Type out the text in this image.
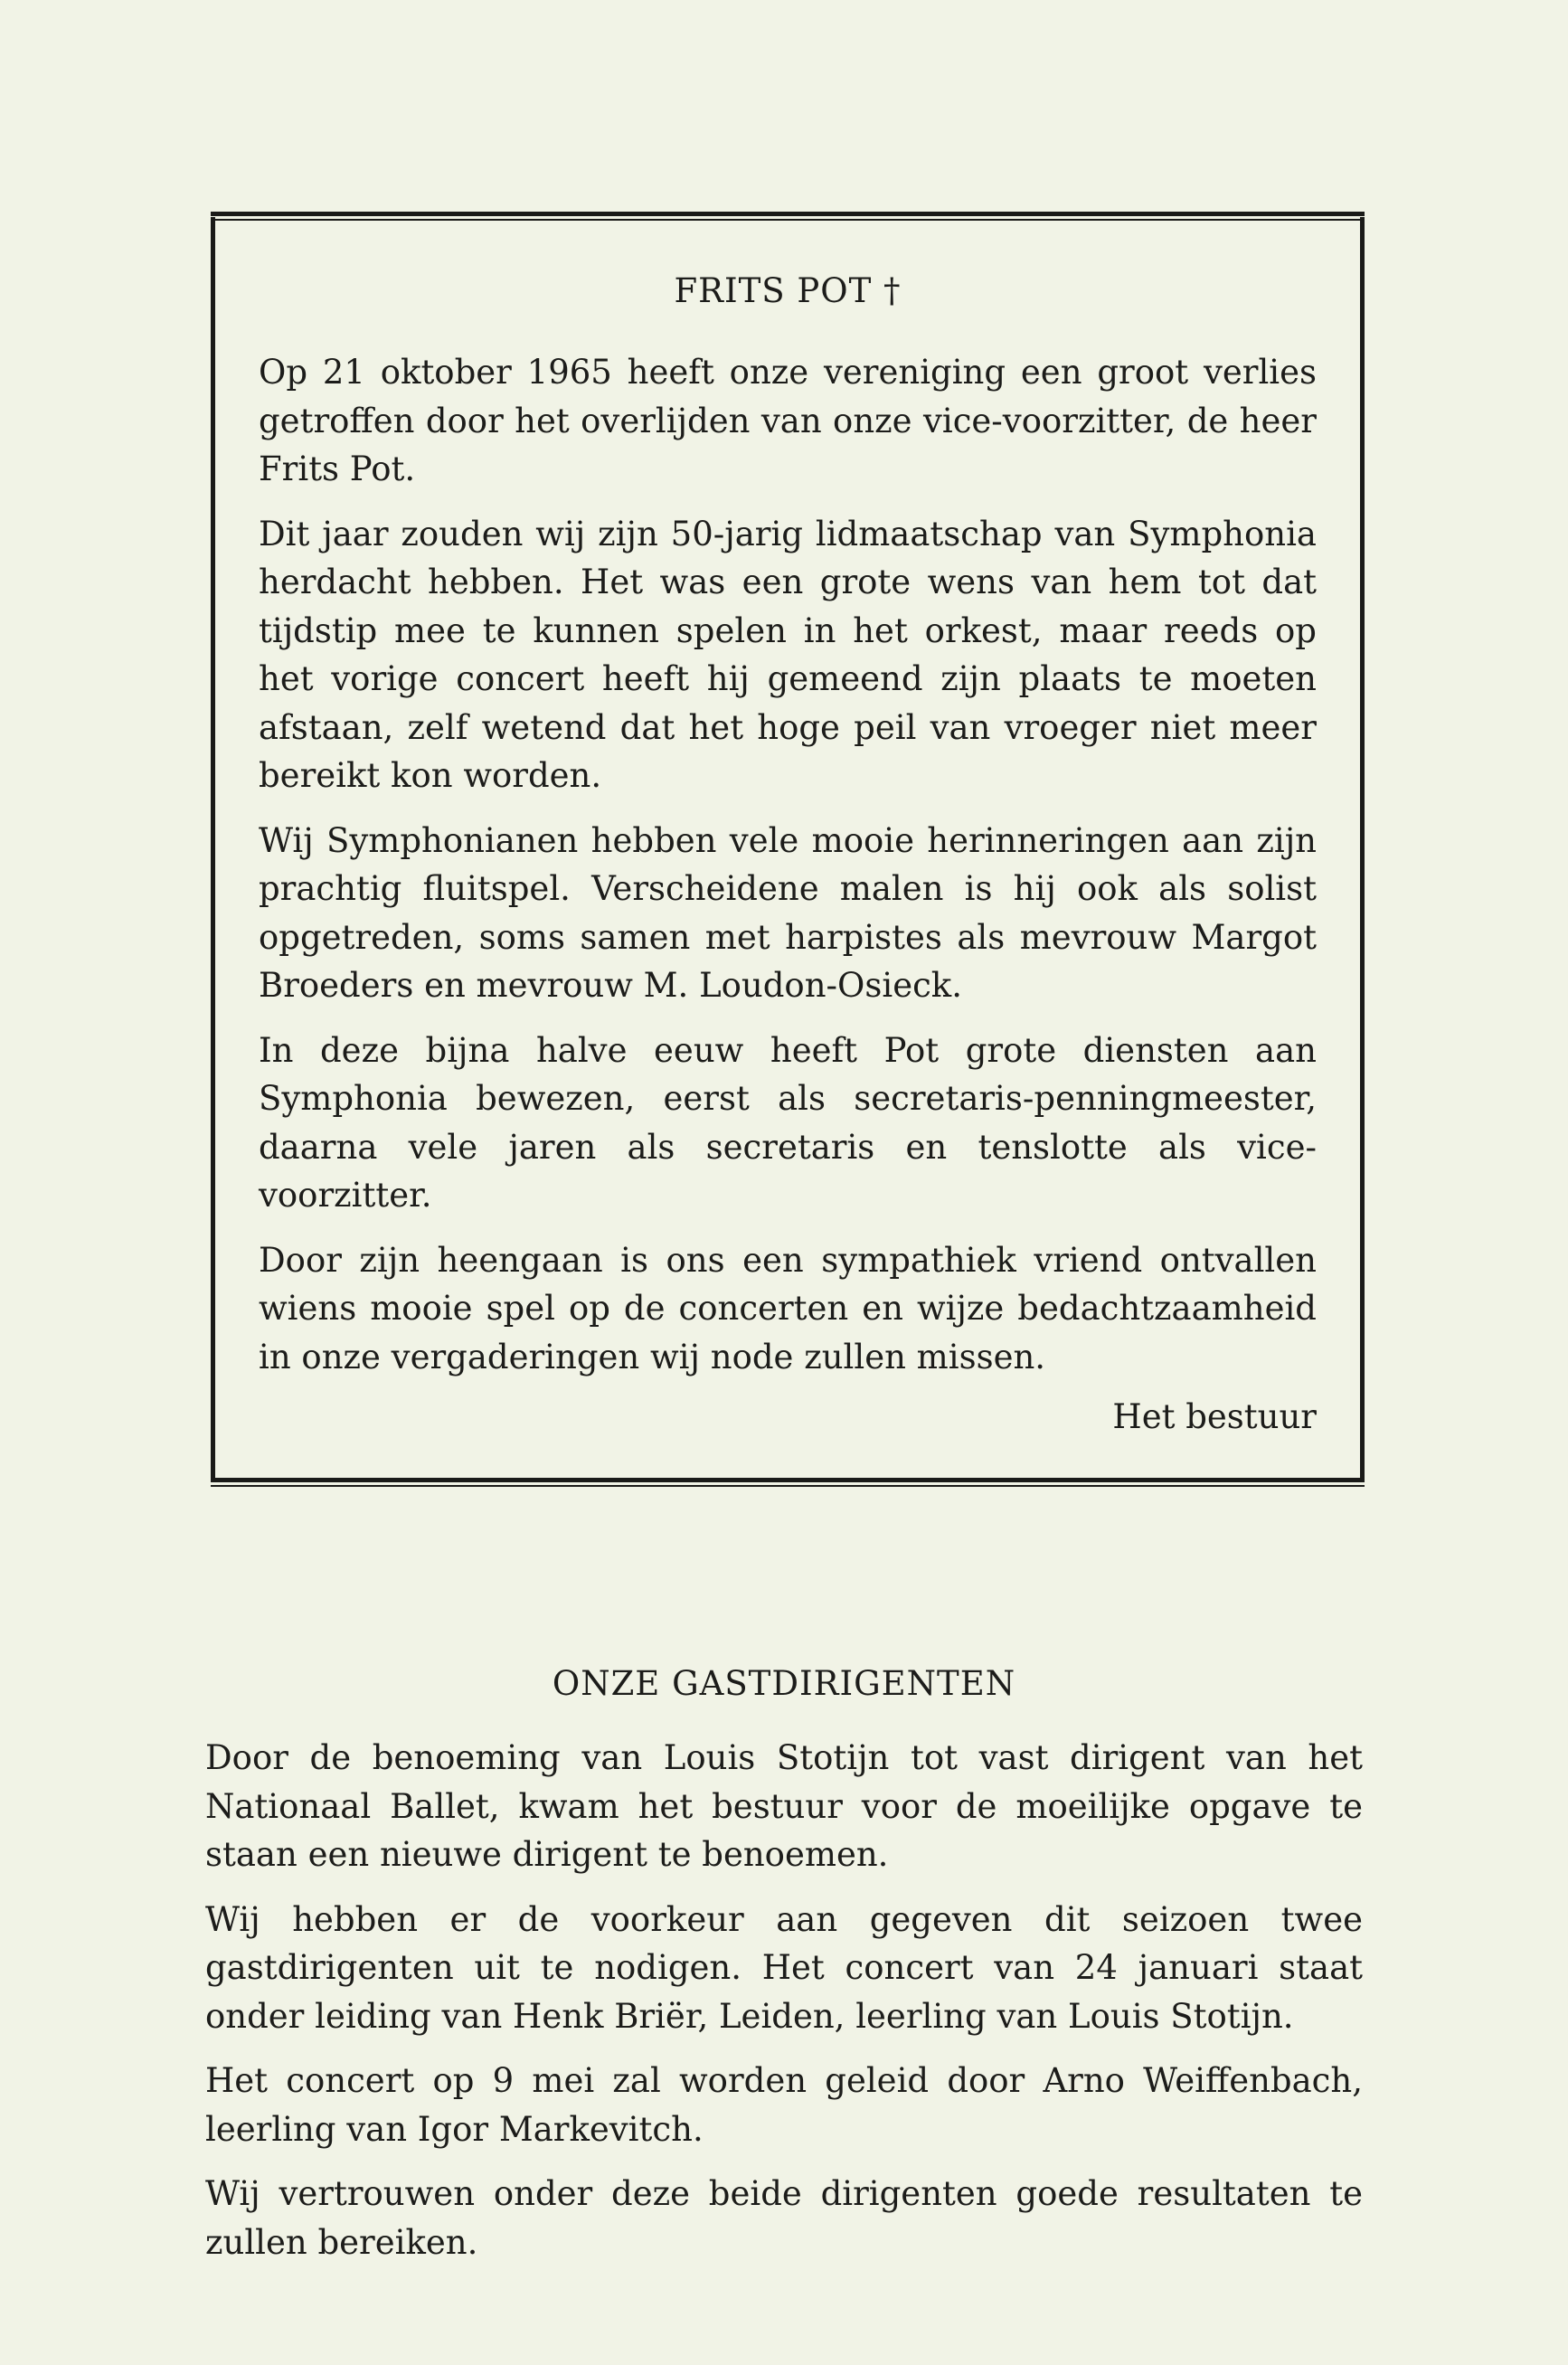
FRITS POT †

Op 21 oktober 1965 heeft onze vereniging een groot verlies getroffen door het overlijden van onze vice-voorzitter, de heer Frits Pot.

Dit jaar zouden wij zijn 50-jarig lidmaatschap van Symphonia herdacht hebben. Het was een grote wens van hem tot dat tijdstip mee te kunnen spelen in het orkest, maar reeds op het vorige concert heeft hij gemeend zijn plaats te moeten afstaan, zelf wetend dat het hoge peil van vroeger niet meer bereikt kon worden.

Wij Symphonianen hebben vele mooie herinneringen aan zijn prachtig fluitspel. Verscheidene malen is hij ook als solist opgetreden, soms samen met harpistes als mevrouw Margot Broeders en mevrouw M. Loudon-Osieck.

In deze bijna halve eeuw heeft Pot grote diensten aan Symphonia bewezen, eerst als secretaris-penningmeester, daarna vele jaren als secretaris en tenslotte als vice-voorzitter.

Door zijn heengaan is ons een sympathiek vriend ontvallen wiens mooie spel op de concerten en wijze bedachtzaamheid in onze vergaderingen wij node zullen missen.

Het bestuur

ONZE GASTDIRIGENTEN

Door de benoeming van Louis Stotijn tot vast dirigent van het Nationaal Ballet, kwam het bestuur voor de moeilijke opgave te staan een nieuwe dirigent te benoemen.

Wij hebben er de voorkeur aan gegeven dit seizoen twee gastdirigenten uit te nodigen. Het concert van 24 januari staat onder leiding van Henk Briër, Leiden, leerling van Louis Stotijn.

Het concert op 9 mei zal worden geleid door Arno Weiffenbach, leerling van Igor Markevitch.

Wij vertrouwen onder deze beide dirigenten goede resultaten te zullen bereiken.
